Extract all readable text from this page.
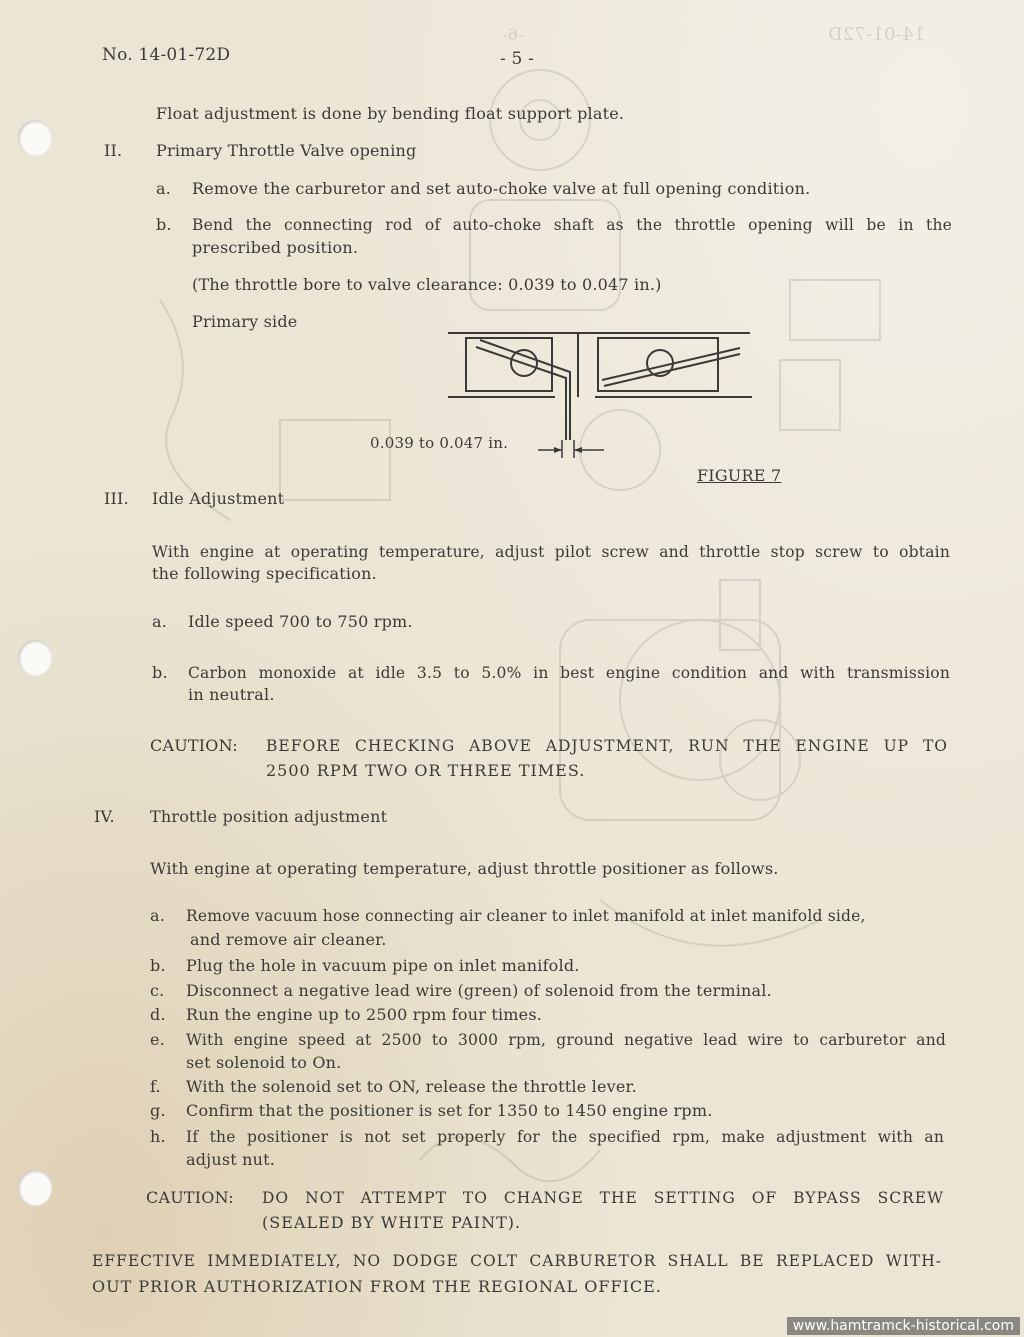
No. 14-01-72D	- 5 -
14-01-72D
-6-
Float adjustment is done by bending float support plate.
II. Primary Throttle Valve opening
a. Remove the carburetor and set auto-choke valve at full opening condition.
b. Bend the connecting rod of auto-choke shaft as the throttle opening will be in the
prescribed position.
(The throttle bore to valve clearance: 0.039 to 0.047 in.)
Primary side
0.039 to 0.047 in.
FIGURE 7
III. Idle Adjustment
With engine at operating temperature, adjust pilot screw and throttle stop screw to obtain
the following specification.
a. Idle speed 700 to 750 rpm.
b. Carbon monoxide at idle 3.5 to 5.0% in best engine condition and with transmission
in neutral.
CAUTION: BEFORE CHECKING ABOVE ADJUSTMENT, RUN THE ENGINE UP TO
2500 RPM TWO OR THREE TIMES.
IV. Throttle position adjustment
With engine at operating temperature, adjust throttle positioner as follows.
a. Remove vacuum hose connecting air cleaner to inlet manifold at inlet manifold side,
and remove air cleaner.
b. Plug the hole in vacuum pipe on inlet manifold.
c. Disconnect a negative lead wire (green) of solenoid from the terminal.
d. Run the engine up to 2500 rpm four times.
e. With engine speed at 2500 to 3000 rpm, ground negative lead wire to carburetor and
set solenoid to On.
f. With the solenoid set to ON, release the throttle lever.
g. Confirm that the positioner is set for 1350 to 1450 engine rpm.
h. If the positioner is not set properly for the specified rpm, make adjustment with an
adjust nut.
CAUTION: DO NOT ATTEMPT TO CHANGE THE SETTING OF BYPASS SCREW
(SEALED BY WHITE PAINT).
EFFECTIVE IMMEDIATELY, NO DODGE COLT CARBURETOR SHALL BE REPLACED WITH-
OUT PRIOR AUTHORIZATION FROM THE REGIONAL OFFICE.
www.hamtramck-historical.com
